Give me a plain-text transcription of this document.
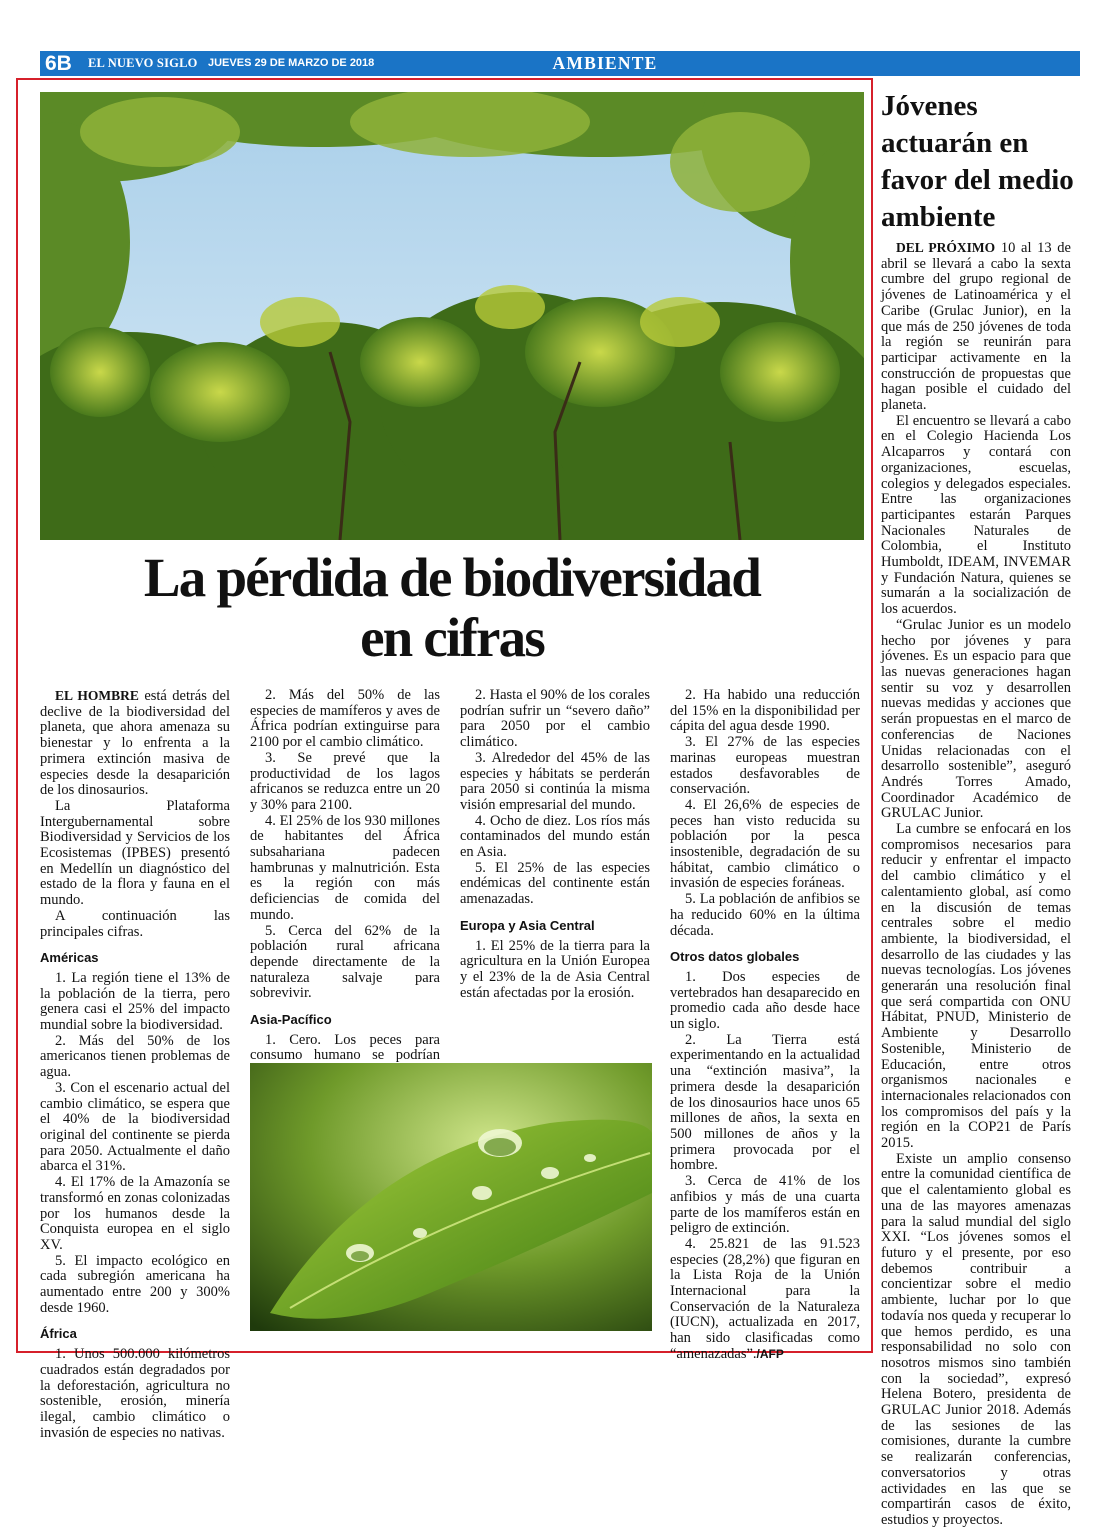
6B EL NUEVO SIGLO JUEVES 29 DE MARZO DE 2018	AMBIENTE
La pérdida de biodiversidad
en cifras

EL HOMBRE está detrás del declive de la biodiversidad del planeta, que ahora amenaza su bienestar y lo enfrenta a la primera extinción masiva de especies desde la desaparición de los dinosaurios.

La Plataforma Intergubernamental sobre Biodiversidad y Servicios de los Ecosistemas (IPBES) presentó en Medellín un diagnóstico del estado de la flora y fauna en el mundo.

A continuación las principales cifras.

Américas

1. La región tiene el 13% de la población de la tierra, pero genera casi el 25% del impacto mundial sobre la biodiversidad.

2. Más del 50% de los americanos tienen problemas de agua.

3. Con el escenario actual del cambio climático, se espera que el 40% de la biodiversidad original del continente se pierda para 2050. Actualmente el daño abarca el 31%.

4. El 17% de la Amazonía se transformó en zonas colonizadas por los humanos desde la Conquista europea en el siglo XV.

5. El impacto ecológico en cada subregión americana ha aumentado entre 200 y 300% desde 1960.

África

1. Unos 500.000 kilómetros cuadrados están degradados por la deforestación, agricultura no sostenible, erosión, minería ilegal, cambio climático o invasión de especies no nativas.

2. Más del 50% de las especies de mamíferos y aves de África podrían extinguirse para 2100 por el cambio climático.

3. Se prevé que la productividad de los lagos africanos se reduzca entre un 20 y 30% para 2100.

4. El 25% de los 930 millones de habitantes del África subsahariana padecen hambrunas y malnutrición. Esta es la región con más deficiencias de comida del mundo.

5. Cerca del 62% de la población rural africana depende directamente de la naturaleza salvaje para sobrevivir.

Asia-Pacífico

1. Cero. Los peces para consumo humano se podrían

2. Hasta el 90% de los corales podrían sufrir un “severo daño” para 2050 por el cambio climático.

3. Alrededor del 45% de las especies y hábitats se perderán para 2050 si continúa la misma visión empresarial del mundo.

4. Ocho de diez. Los ríos más contaminados del mundo están en Asia.

5. El 25% de las especies endémicas del continente están amenazadas.

Europa y Asia Central

1. El 25% de la tierra para la agricultura en la Unión Europea y el 23% de la de Asia Central están afectadas por la erosión.

2. Ha habido una reducción del 15% en la disponibilidad per cápita del agua desde 1990.

3. El 27% de las especies marinas europeas muestran estados desfavorables de conservación.

4. El 26,6% de especies de peces han visto reducida su población por la pesca insostenible, degradación de su hábitat, cambio climático o invasión de especies foráneas.

5. La población de anfibios se ha reducido 60% en la última década.

Otros datos globales

1. Dos especies de vertebrados han desaparecido en promedio cada año desde hace un siglo.

2. La Tierra está experimentando en la actualidad una “extinción masiva”, la primera desde la desaparición de los dinosaurios hace unos 65 millones de años, la sexta en 500 millones de años y la primera provocada por el hombre.

3. Cerca de 41% de los anfibios y más de una cuarta parte de los mamíferos están en peligro de extinción.

4. 25.821 de las 91.523 especies (28,2%) que figuran en la Lista Roja de la Unión Internacional para la Conservación de la Naturaleza (IUCN), actualizada en 2017, han sido clasificadas como “amenazadas”./AFP

Jóvenes actuarán en favor del medio ambiente

DEL PRÓXIMO 10 al 13 de abril se llevará a cabo la sexta cumbre del grupo regional de jóvenes de Latinoamérica y el Caribe (Grulac Junior), en la que más de 250 jóvenes de toda la región se reunirán para participar activamente en la construcción de propuestas que hagan posible el cuidado del planeta.

El encuentro se llevará a cabo en el Colegio Hacienda Los Alcaparros y contará con organizaciones, escuelas, colegios y delegados especiales. Entre las organizaciones participantes estarán Parques Nacionales Naturales de Colombia, el Instituto Humboldt, IDEAM, INVEMAR y Fundación Natura, quienes se sumarán a la socialización de los acuerdos.

“Grulac Junior es un modelo hecho por jóvenes y para jóvenes. Es un espacio para que las nuevas generaciones hagan sentir su voz y desarrollen nuevas medidas y acciones que serán propuestas en el marco de conferencias de Naciones Unidas relacionadas con el desarrollo sostenible”, aseguró Andrés Torres Amado, Coordinador Académico de GRULAC Junior.

La cumbre se enfocará en los compromisos necesarios para reducir y enfrentar el impacto del cambio climático y el calentamiento global, así como en la discusión de temas centrales sobre el medio ambiente, la biodiversidad, el desarrollo de las ciudades y las nuevas tecnologías. Los jóvenes generarán una resolución final que será compartida con ONU Hábitat, PNUD, Ministerio de Ambiente y Desarrollo Sostenible, Ministerio de Educación, entre otros organismos nacionales e internacionales relacionados con los compromisos del país y la región en la COP21 de París 2015.

Existe un amplio consenso entre la comunidad científica de que el calentamiento global es una de las mayores amenazas para la salud mundial del siglo XXI. “Los jóvenes somos el futuro y el presente, por eso debemos contribuir a concientizar sobre el medio ambiente, luchar por lo que todavía nos queda y recuperar lo que hemos perdido, es una responsabilidad no solo con nosotros mismos sino también con la sociedad”, expresó Helena Botero, presidenta de GRULAC Junior 2018. Además de las sesiones de las comisiones, durante la cumbre se realizarán conferencias, conversatorios y otras actividades en las que se compartirán casos de éxito, estudios y proyectos.
